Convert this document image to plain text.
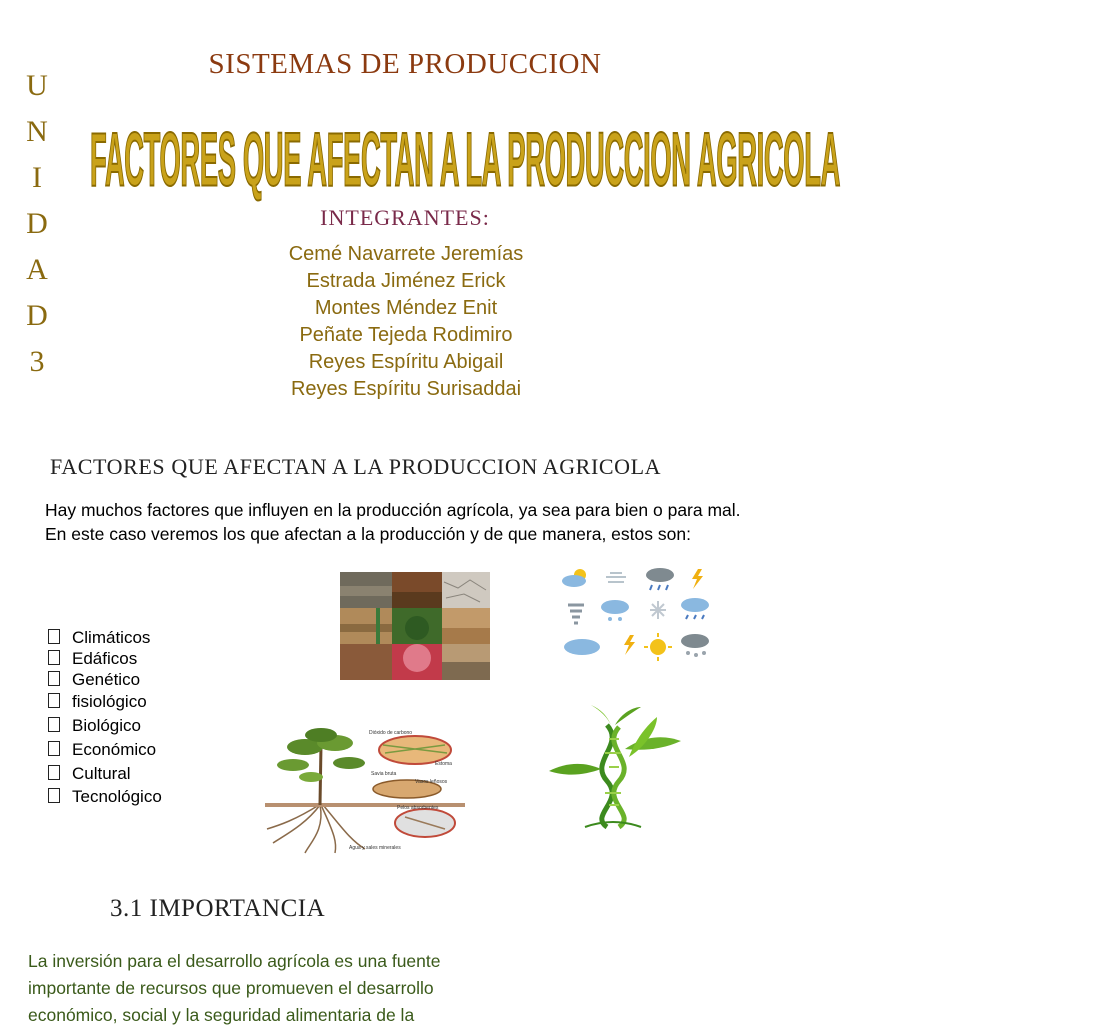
U
N
I
D
A
D
3
SISTEMAS DE PRODUCCION
FACTORES QUE AFECTAN A LA PRODUCCION AGRICOLA
INTEGRANTES:
Cemé Navarrete Jeremías
Estrada Jiménez Erick
Montes Méndez Enit
Peñate Tejeda Rodimiro
Reyes Espíritu Abigail
Reyes Espíritu Surisaddai
FACTORES QUE AFECTAN A LA PRODUCCION AGRICOLA
Hay muchos factores que influyen en la producción agrícola, ya sea para bien o para mal. En este caso veremos los que afectan a la producción y de que manera, estos son:
Climáticos
Edáficos
Genético
fisiológico
Biológico
Económico
Cultural
Tecnológico
Dióxido de carbono
Estoma
Savia bruta
Vasos leñosos
Pelos absorbentes
Agua y sales minerales
3.1 IMPORTANCIA
La inversión para el desarrollo agrícola es una fuente importante de recursos que promueven el desarrollo económico, social y la seguridad alimentaria de la
